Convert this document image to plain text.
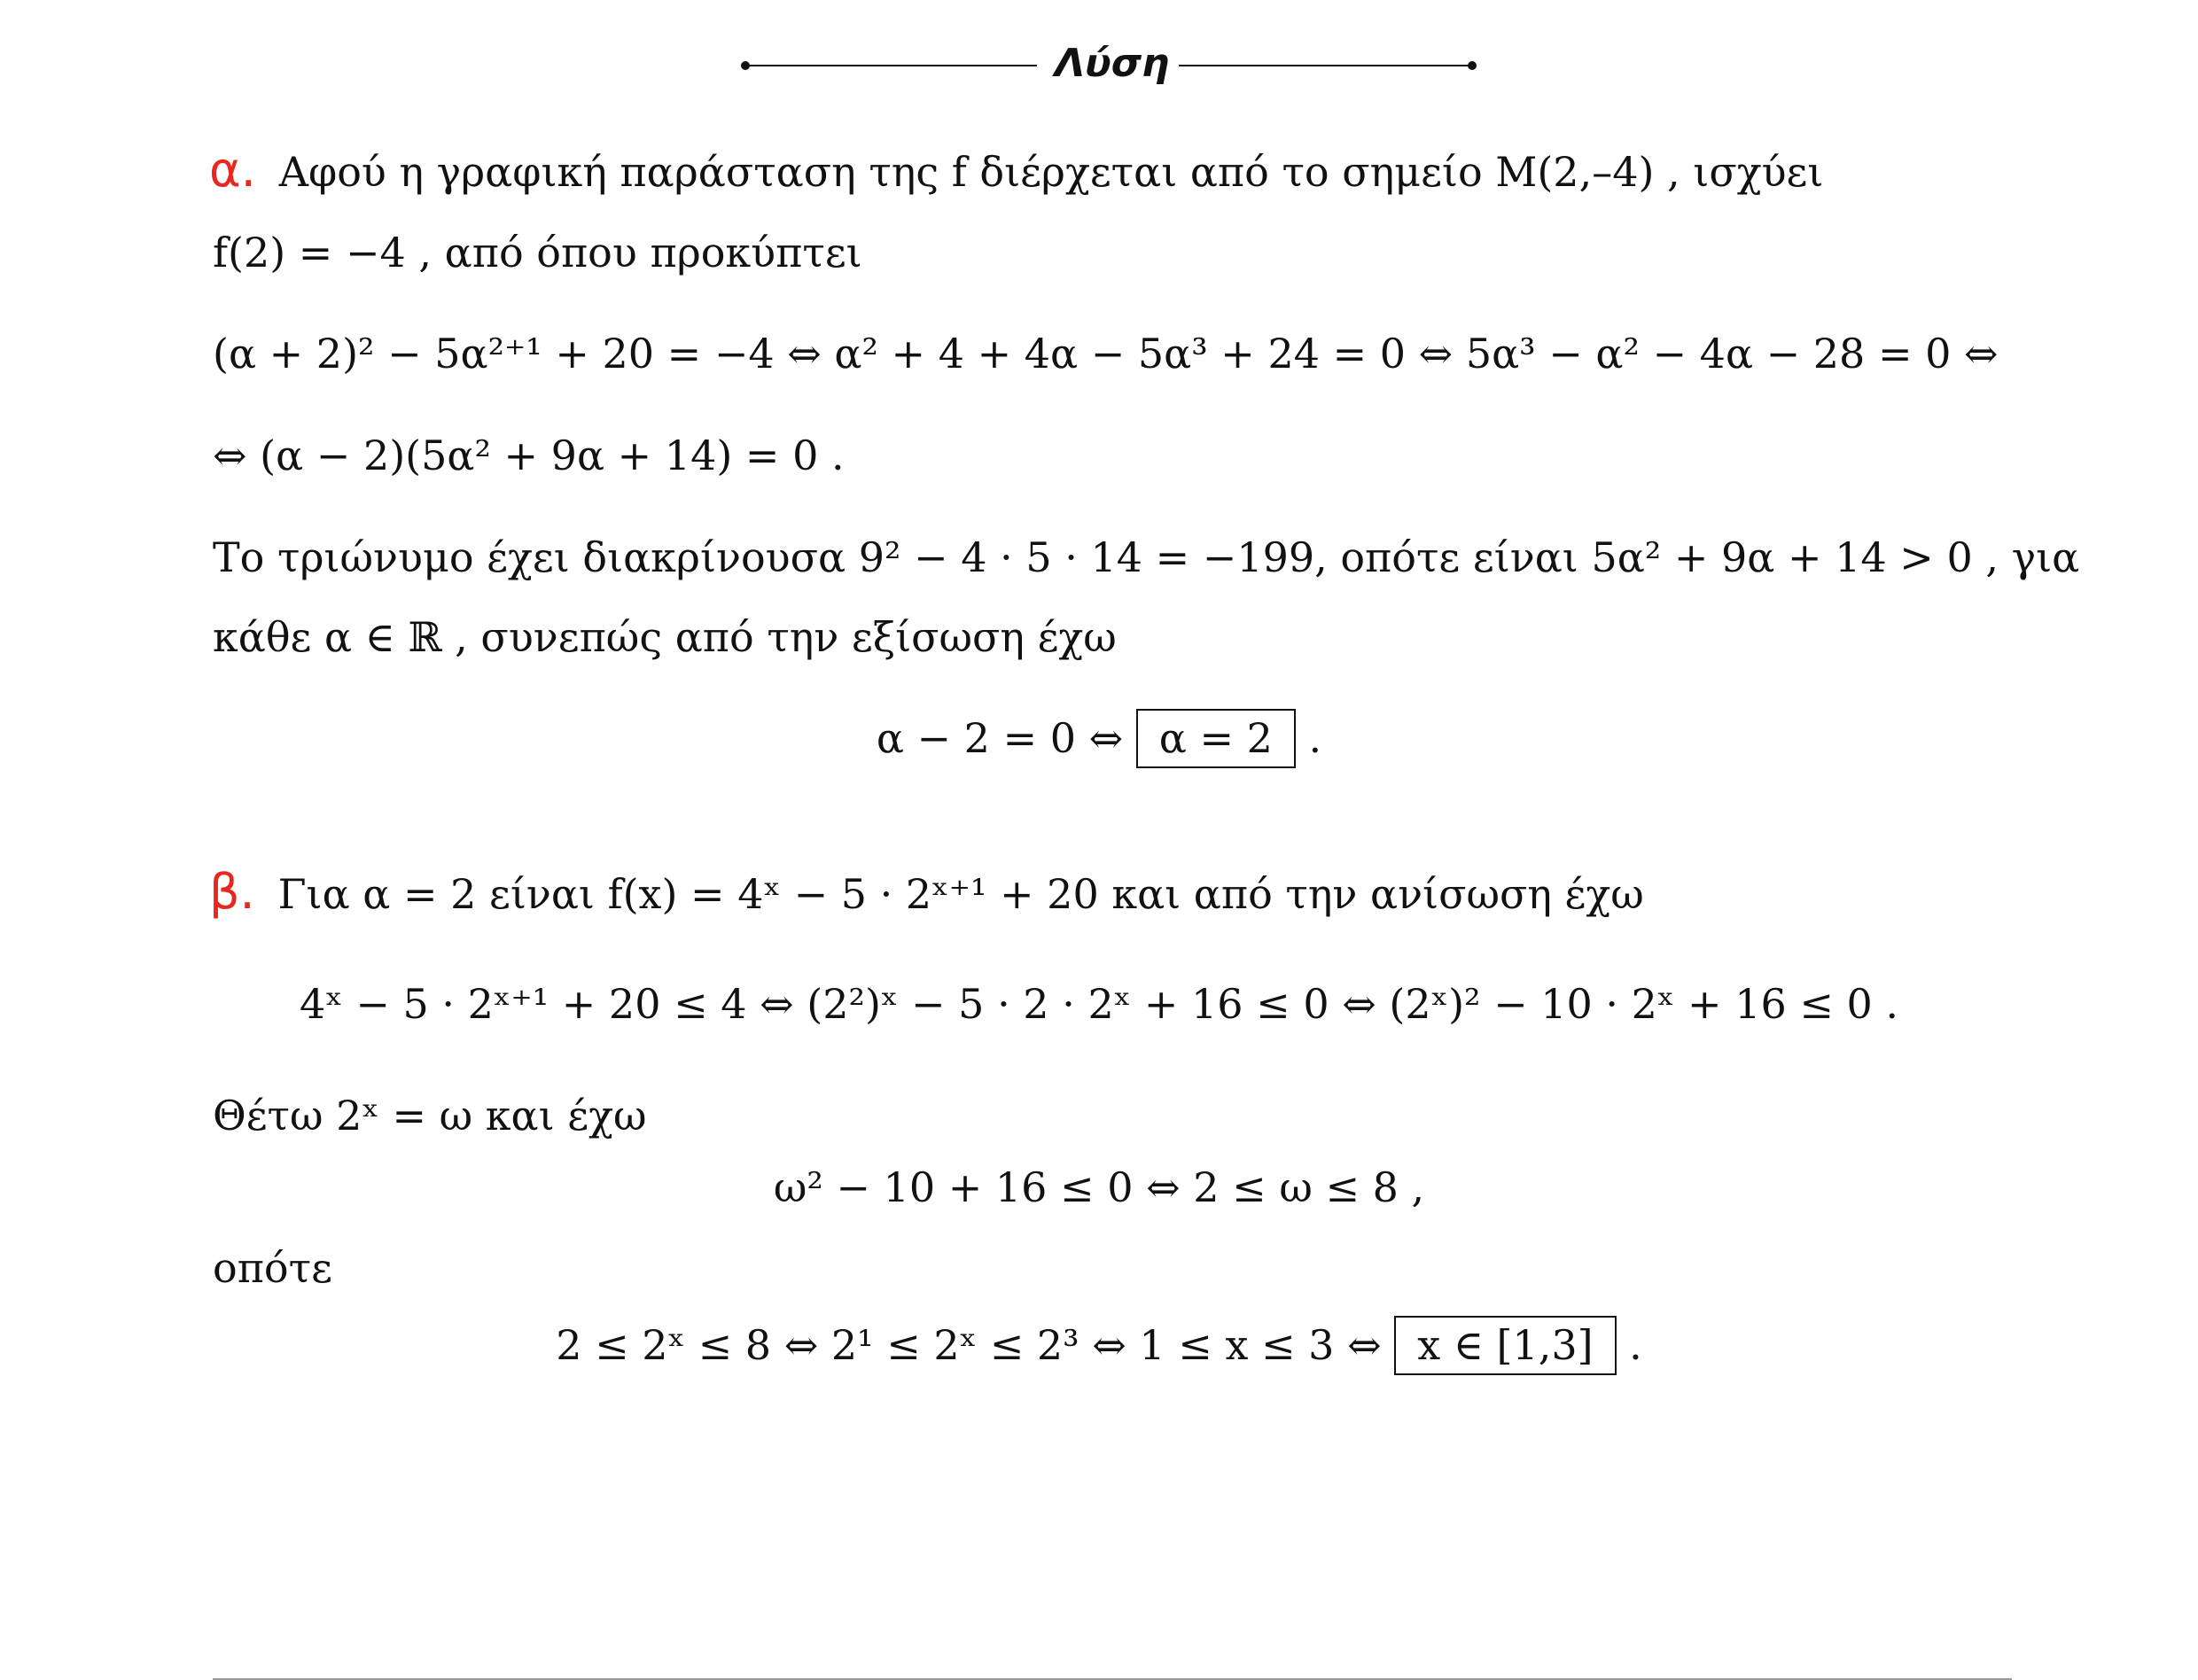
Λύση
α. Αφού η γραφική παράσταση της f διέρχεται από το σημείο M(2,–4) , ισχύει
f(2) = −4 , από όπου προκύπτει
(α + 2)² − 5α²⁺¹ + 20 = −4 ⇔ α² + 4 + 4α − 5α³ + 24 = 0 ⇔ 5α³ − α² − 4α − 28 = 0 ⇔
⇔ (α − 2)(5α² + 9α + 14) = 0 .
Το τριώνυμο έχει διακρίνουσα 9² − 4 · 5 · 14 = −199, οπότε είναι 5α² + 9α + 14 > 0 , για
κάθε α ∈ ℝ , συνεπώς από την εξίσωση έχω
α − 2 = 0 ⇔ α = 2 .
β. Για α = 2 είναι f(x) = 4ˣ − 5 · 2ˣ⁺¹ + 20 και από την ανίσωση έχω
4ˣ − 5 · 2ˣ⁺¹ + 20 ≤ 4 ⇔ (2²)ˣ − 5 · 2 · 2ˣ + 16 ≤ 0 ⇔ (2ˣ)² − 10 · 2ˣ + 16 ≤ 0 .
Θέτω 2ˣ = ω και έχω
ω² − 10 + 16 ≤ 0 ⇔ 2 ≤ ω ≤ 8 ,
οπότε
2 ≤ 2ˣ ≤ 8 ⇔ 2¹ ≤ 2ˣ ≤ 2³ ⇔ 1 ≤ x ≤ 3 ⇔ x ∈ [1,3] .
